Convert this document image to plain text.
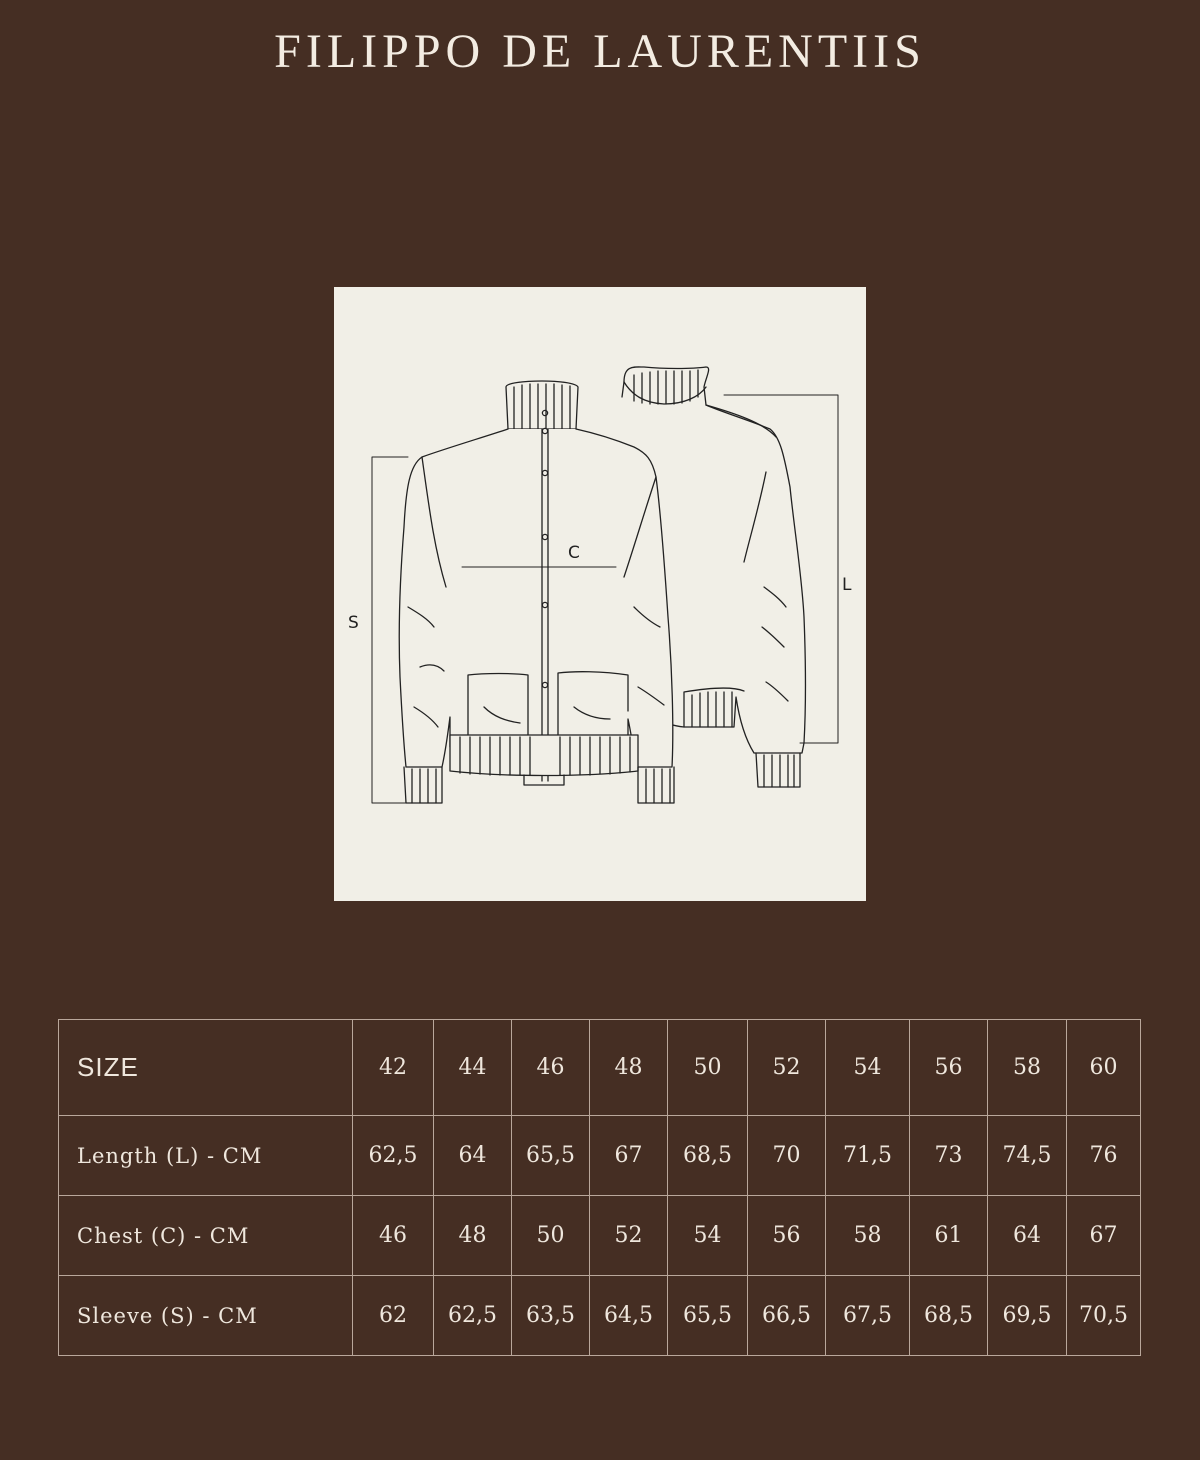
FILIPPO DE LAURENTIIS
S
C
L
SIZE	42	44	46	48	50	52	54	56	58	60
Length (L) - CM	62,5	64	65,5	67	68,5	70	71,5	73	74,5	76
Chest (C) - CM	46	48	50	52	54	56	58	61	64	67
Sleeve (S) - CM	62	62,5	63,5	64,5	65,5	66,5	67,5	68,5	69,5	70,5
